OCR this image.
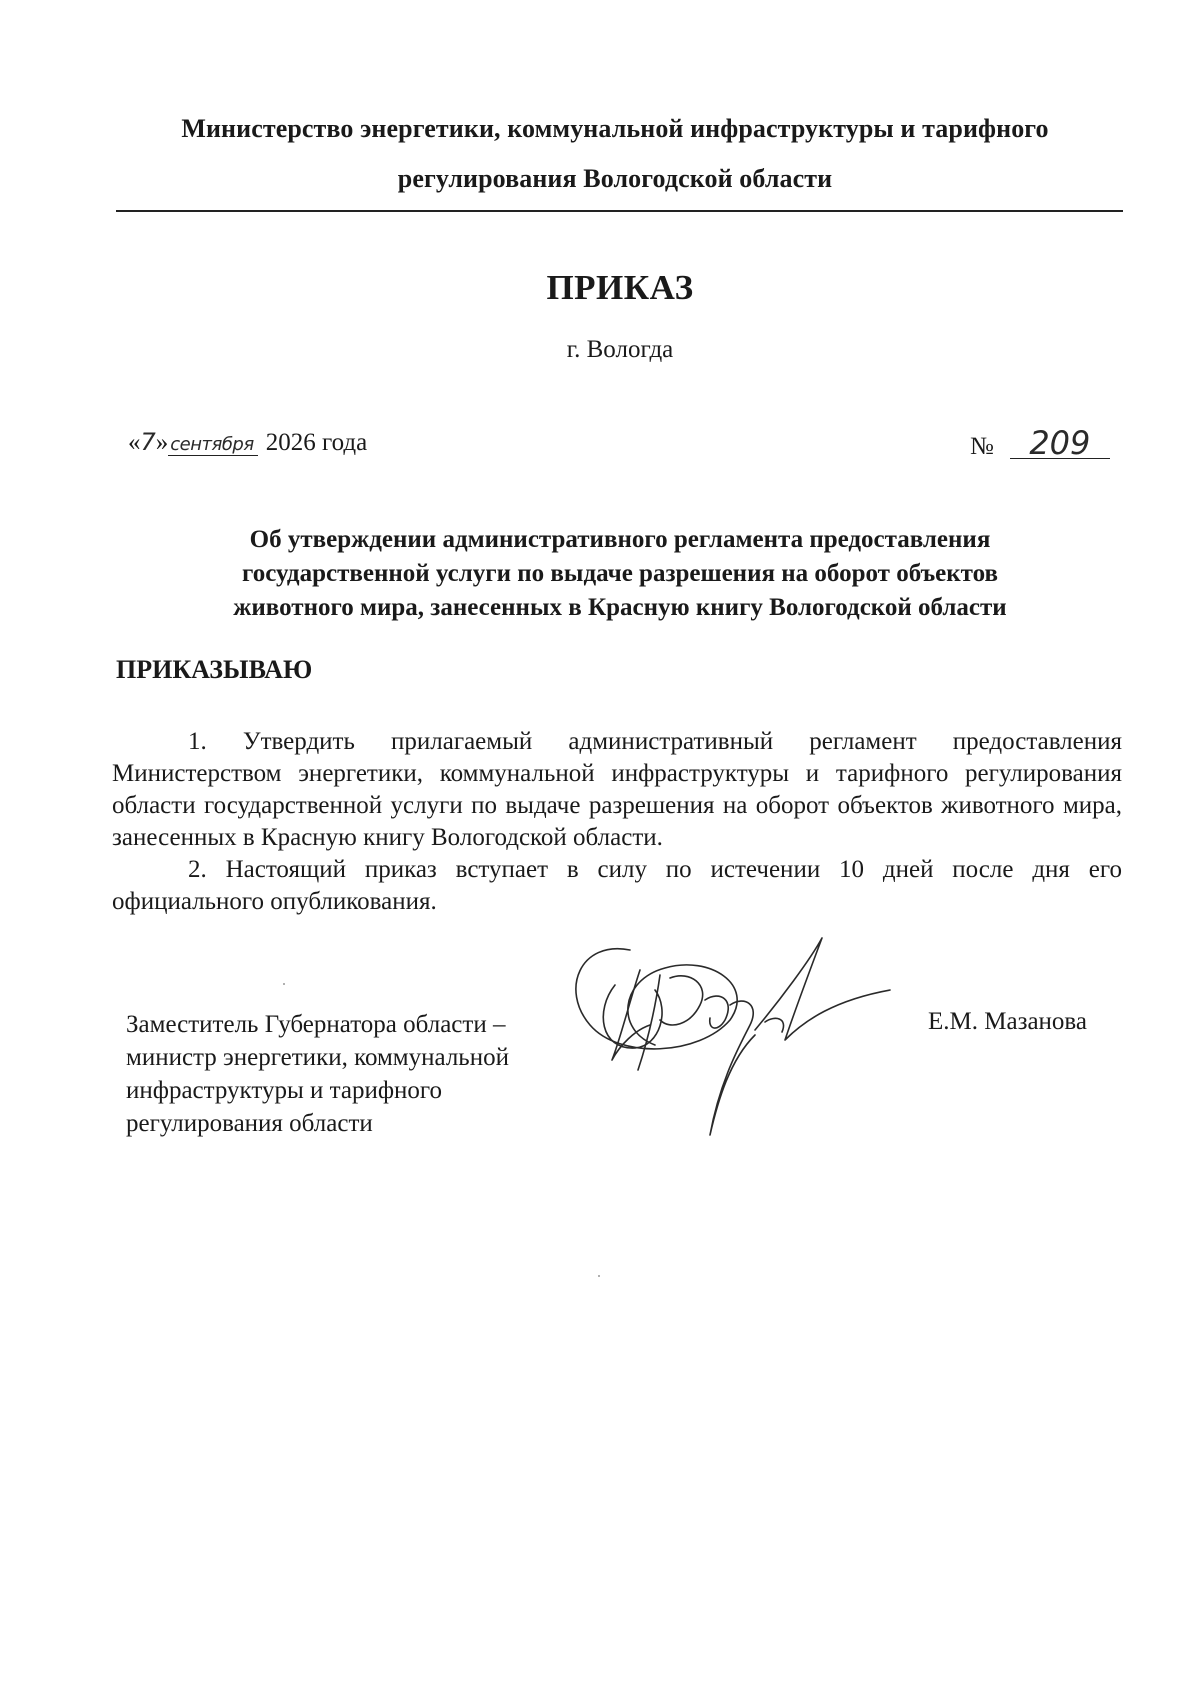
Министерство энергетики, коммунальной инфраструктуры и тарифного
регулирования Вологодской области
ПРИКАЗ
г. Вологда
«7» сентября 2026 года	№ 209
Об утверждении административного регламента предоставления
государственной услуги по выдаче разрешения на оборот объектов
животного мира, занесенных в Красную книгу Вологодской области
ПРИКАЗЫВАЮ

1. Утвердить прилагаемый административный регламент предоставления Министерством энергетики, коммунальной инфраструктуры и тарифного регулирования области государственной услуги по выдаче разрешения на оборот объектов животного мира, занесенных в Красную книгу Вологодской области.

2. Настоящий приказ вступает в силу по истечении 10 дней после дня его официального опубликования.

Заместитель Губернатора области –
министр энергетики, коммунальной
инфраструктуры и тарифного
регулирования области
Е.М. Мазанова
